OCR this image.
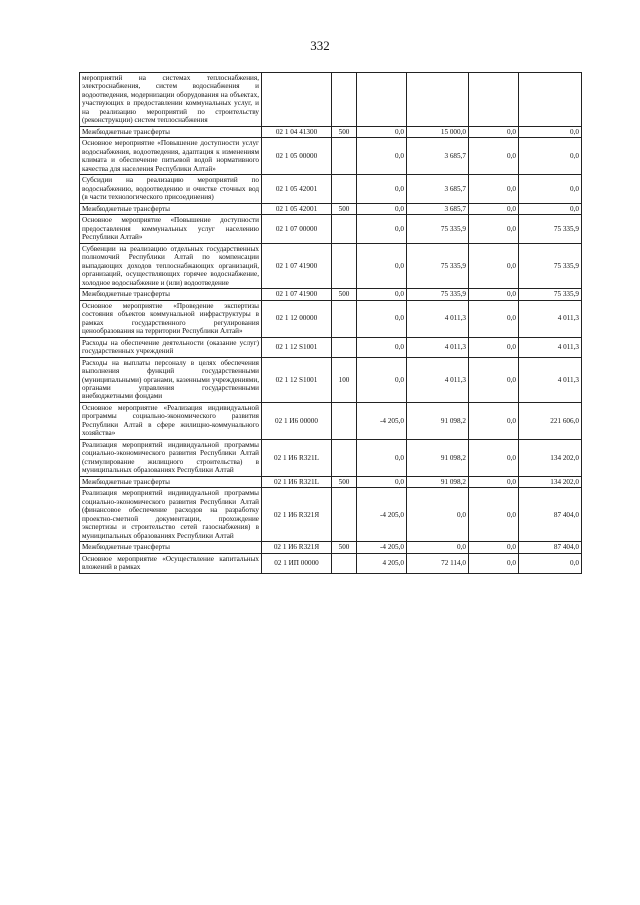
332
мероприятий на системах теплоснабжения, электроснабжения, систем водоснабжения и водоотведения, модернизации оборудования на объектах, участвующих в предоставлении коммунальных услуг, и на реализацию мероприятий по строительству (реконструкции) систем теплоснабжения						
Межбюджетные трансферты	02 1 04 41300	500	0,0	15 000,0	0,0	0,0
Основное мероприятие «Повышение доступности услуг водоснабжения, водоотведения, адаптация к изменениям климата и обеспечение питьевой водой нормативного качества для населения Республики Алтай»	02 1 05 00000		0,0	3 685,7	0,0	0,0
Субсидии на реализацию мероприятий по водоснабжению, водоотведению и очистке сточных вод (в части технологического присоединения)	02 1 05 42001		0,0	3 685,7	0,0	0,0
Межбюджетные трансферты	02 1 05 42001	500	0,0	3 685,7	0,0	0,0
Основное мероприятие «Повышение доступности предоставления коммунальных услуг населению Республики Алтай»	02 1 07 00000		0,0	75 335,9	0,0	75 335,9
Субвенции на реализацию отдельных государственных полномочий Республики Алтай по компенсации выпадающих доходов теплоснабжающих организаций, организаций, осуществляющих горячее водоснабжение, холодное водоснабжение и (или) водоотведение	02 1 07 41900		0,0	75 335,9	0,0	75 335,9
Межбюджетные трансферты	02 1 07 41900	500	0,0	75 335,9	0,0	75 335,9
Основное мероприятие «Проведение экспертизы состояния объектов коммунальной инфраструктуры в рамках государственного регулирования ценообразования на территории Республики Алтай»	02 1 12 00000		0,0	4 011,3	0,0	4 011,3
Расходы на обеспечение деятельности (оказание услуг) государственных учреждений	02 1 12 S1001		0,0	4 011,3	0,0	4 011,3
Расходы на выплаты персоналу в целях обеспечения выполнения функций государственными (муниципальными) органами, казенными учреждениями, органами управления государственными внебюджетными фондами	02 1 12 S1001	100	0,0	4 011,3	0,0	4 011,3
Основное мероприятие «Реализация индивидуальной программы социально-экономического развития Республики Алтай в сфере жилищно-коммунального хозяйства»	02 1 И6 00000		-4 205,0	91 098,2	0,0	221 606,0
Реализация мероприятий индивидуальной программы социально-экономического развития Республики Алтай (стимулирование жилищного строительства) в муниципальных образованиях Республики Алтай	02 1 И6 R321L		0,0	91 098,2	0,0	134 202,0
Межбюджетные трансферты	02 1 И6 R321L	500	0,0	91 098,2	0,0	134 202,0
Реализация мероприятий индивидуальной программы социально-экономического развития Республики Алтай (финансовое обеспечение расходов на разработку проектно-сметной документации, прохождение экспертизы и строительство сетей газоснабжения) в муниципальных образованиях Республики Алтай	02 1 И6 R321Я		-4 205,0	0,0	0,0	87 404,0
Межбюджетные трансферты	02 1 И6 R321Я	500	-4 205,0	0,0	0,0	87 404,0
Основное мероприятие «Осуществление капитальных вложений в рамках	02 1 ИП 00000		4 205,0	72 114,0	0,0	0,0
